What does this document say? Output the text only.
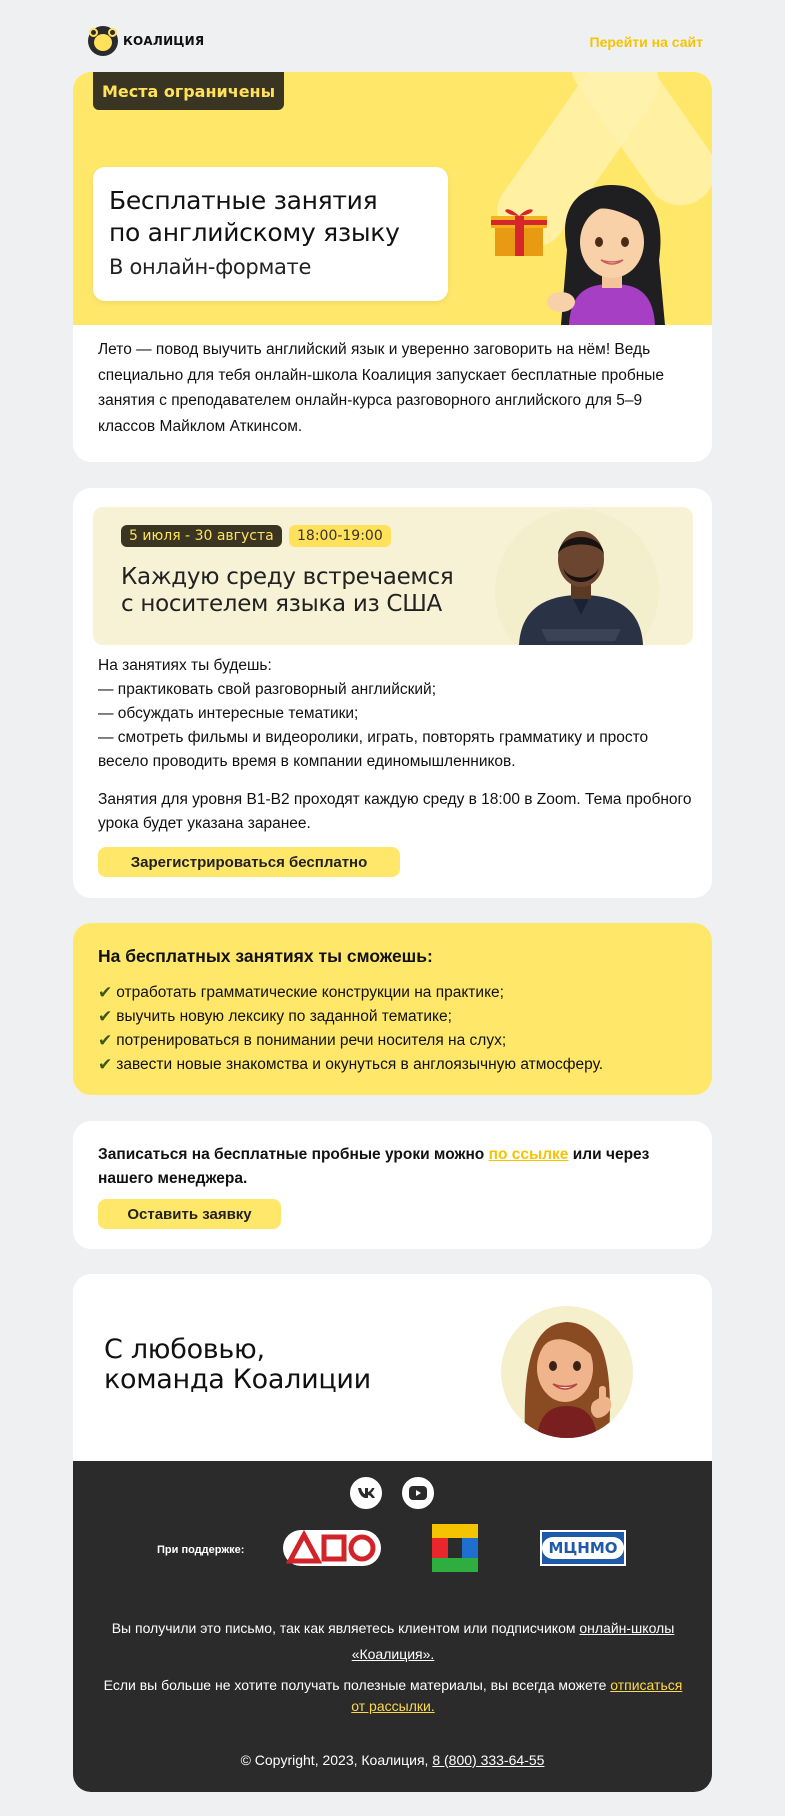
КОАЛИЦИЯ	Перейти на сайт
Места ограничены
Бесплатные занятия
по английскому языку
В онлайн-формате
Лето — повод выучить английский язык и уверенно заговорить на нём! Ведь специально для тебя онлайн-школа Коалиция запускает бесплатные пробные занятия с преподавателем онлайн-курса разговорного английского для 5–9 классов Майклом Аткинсом.
5 июля - 30 августа	18:00-19:00
Каждую среду встречаемся
с носителем языка из США

На занятиях ты будешь:
— практиковать свой разговорный английский;
— обсуждать интересные тематики;
— смотреть фильмы и видеоролики, играть, повторять грамматику и просто весело проводить время в компании единомышленников.

Занятия для уровня B1-B2 проходят каждую среду в 18:00 в Zoom. Тема пробного урока будет указана заранее.

Зарегистрироваться бесплатно
На бесплатных занятиях ты сможешь:
✔ отработать грамматические конструкции на практике;
✔ выучить новую лексику по заданной тематике;
✔ потренироваться в понимании речи носителя на слух;
✔ завести новые знакомства и окунуться в англоязычную атмосферу.
Записаться на бесплатные пробные уроки можно по ссылке или через нашего менеджера.
Оставить заявку
С любовью,
команда Коалиции
При поддержке:	МЦНМО
Вы получили это письмо, так как являетесь клиентом или подписчиком онлайн-школы «Коалиция».
Если вы больше не хотите получать полезные материалы, вы всегда можете отписаться от рассылки.
© Copyright, 2023, Коалиция, 8 (800) 333-64-55
